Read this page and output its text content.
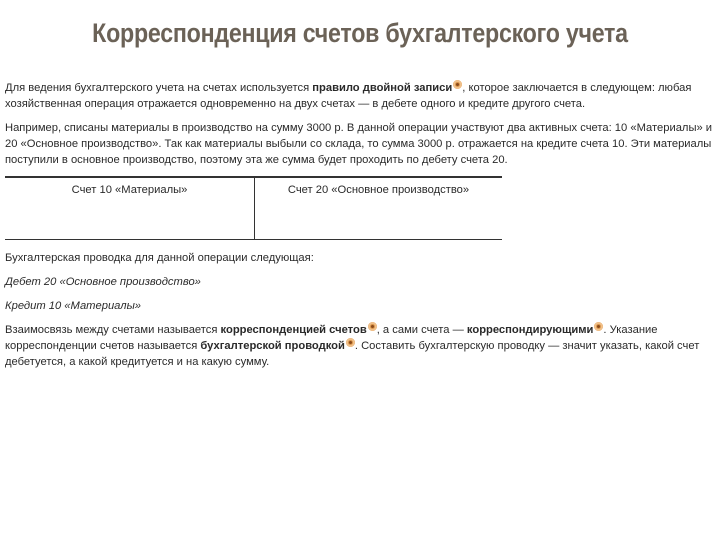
Корреспонденция счетов бухгалтерского учета

Для ведения бухгалтерского учета на счетах используется правило двойной записи , которое заключается в следующем: любая хозяйственная операция отражается одновременно на двух счетах — в дебете одного и кредите другого счета.

Например, списаны материалы в производство на сумму 3000 р. В данной операции участвуют два активных счета: 10 «Материалы» и 20 «Основное производство». Так как материалы выбыли со склада, то сумма 3000 р. отражается на кредите счета 10. Эти материалы поступили в основное производство, поэтому эта же сумма будет проходить по дебету счета 20.

Счет 10 «Материалы»	Счет 20 «Основное производство»

Бухгалтерская проводка для данной операции следующая:

Дебет 20 «Основное производство»

Кредит 10 «Материалы»

Взаимосвязь между счетами называется корреспонденцией счетов , а сами счета — корреспондирующими . Указание корреспонденции счетов называется бухгалтерской проводкой . Составить бухгалтерскую проводку — значит указать, какой счет дебетуется, а какой кредитуется и на какую сумму.
